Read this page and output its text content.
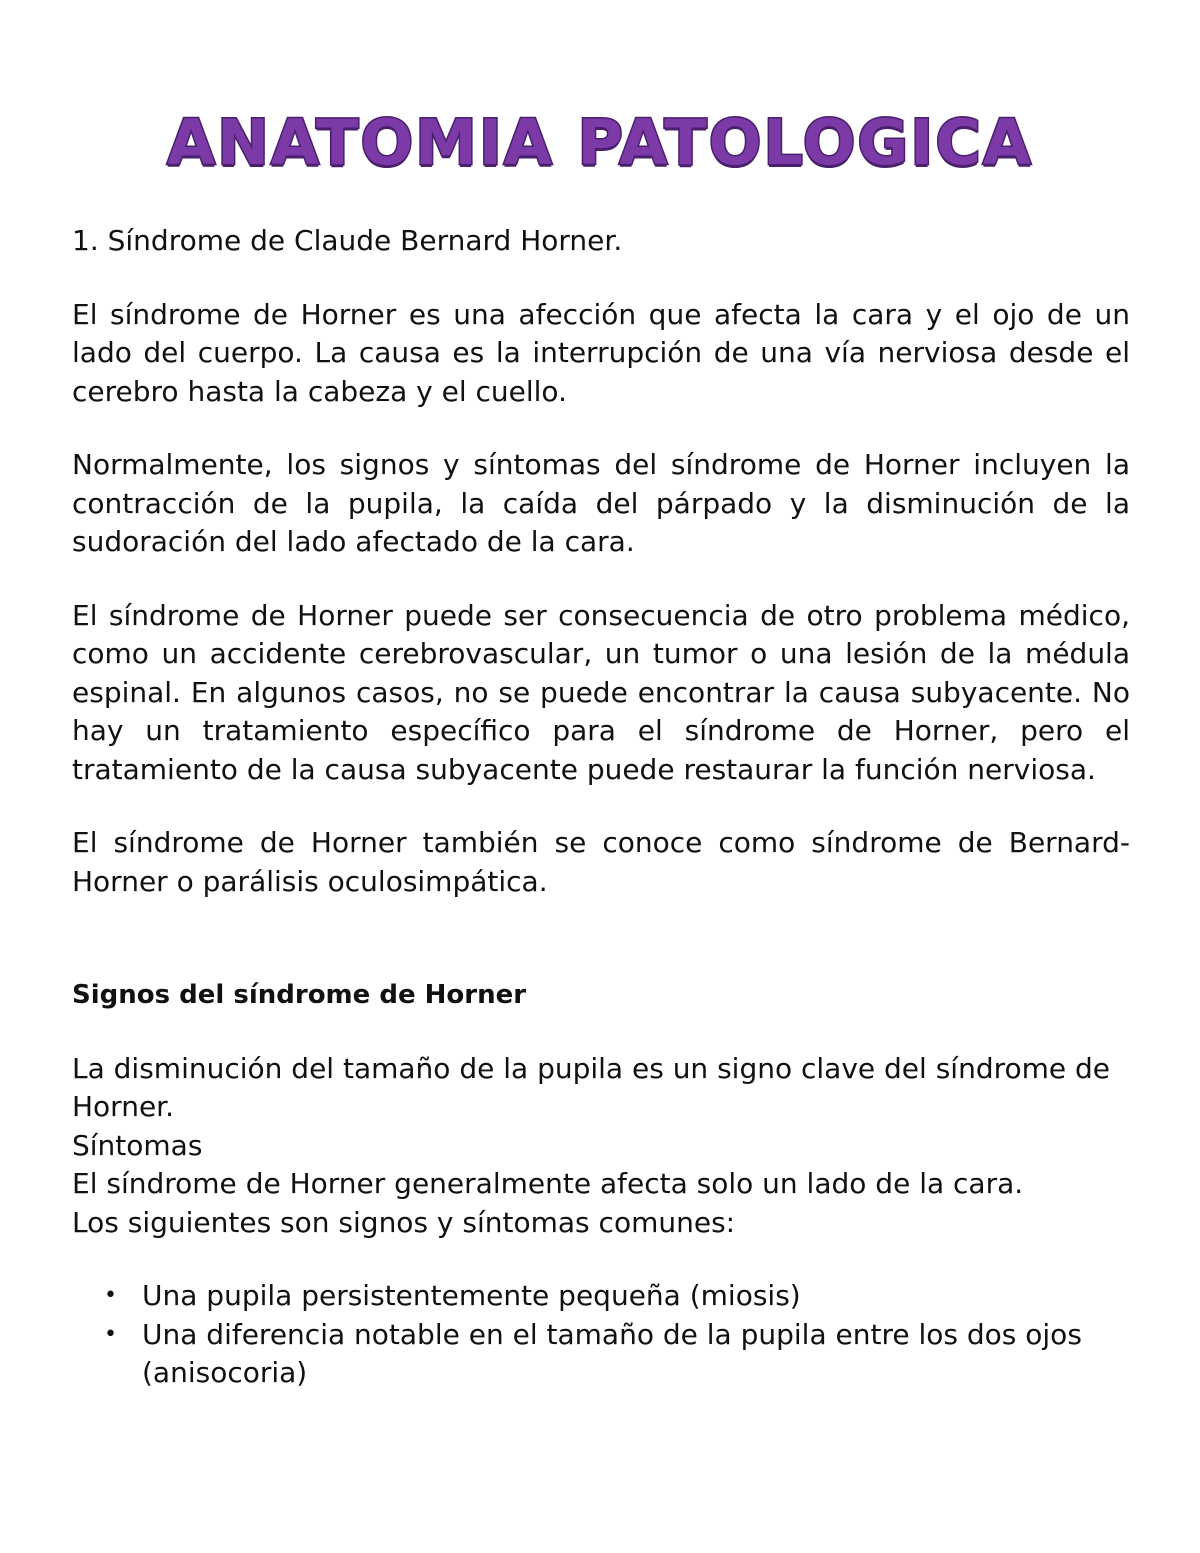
ANATOMIA PATOLOGICA

1. Síndrome de Claude Bernard Horner.

El síndrome de Horner es una afección que afecta la cara y el ojo de un lado del cuerpo. La causa es la interrupción de una vía nerviosa desde el cerebro hasta la cabeza y el cuello.

Normalmente, los signos y síntomas del síndrome de Horner incluyen la contracción de la pupila, la caída del párpado y la disminución de la sudoración del lado afectado de la cara.

El síndrome de Horner puede ser consecuencia de otro problema médico, como un accidente cerebrovascular, un tumor o una lesión de la médula espinal. En algunos casos, no se puede encontrar la causa subyacente. No hay un tratamiento específico para el síndrome de Horner, pero el tratamiento de la causa subyacente puede restaurar la función nerviosa.

El síndrome de Horner también se conoce como síndrome de Bernard-Horner o parálisis oculosimpática.

Signos del síndrome de Horner

La disminución del tamaño de la pupila es un signo clave del síndrome de Horner.

Síntomas

El síndrome de Horner generalmente afecta solo un lado de la cara.

Los siguientes son signos y síntomas comunes:

• Una pupila persistentemente pequeña (miosis)
• Una diferencia notable en el tamaño de la pupila entre los dos ojos (anisocoria)
